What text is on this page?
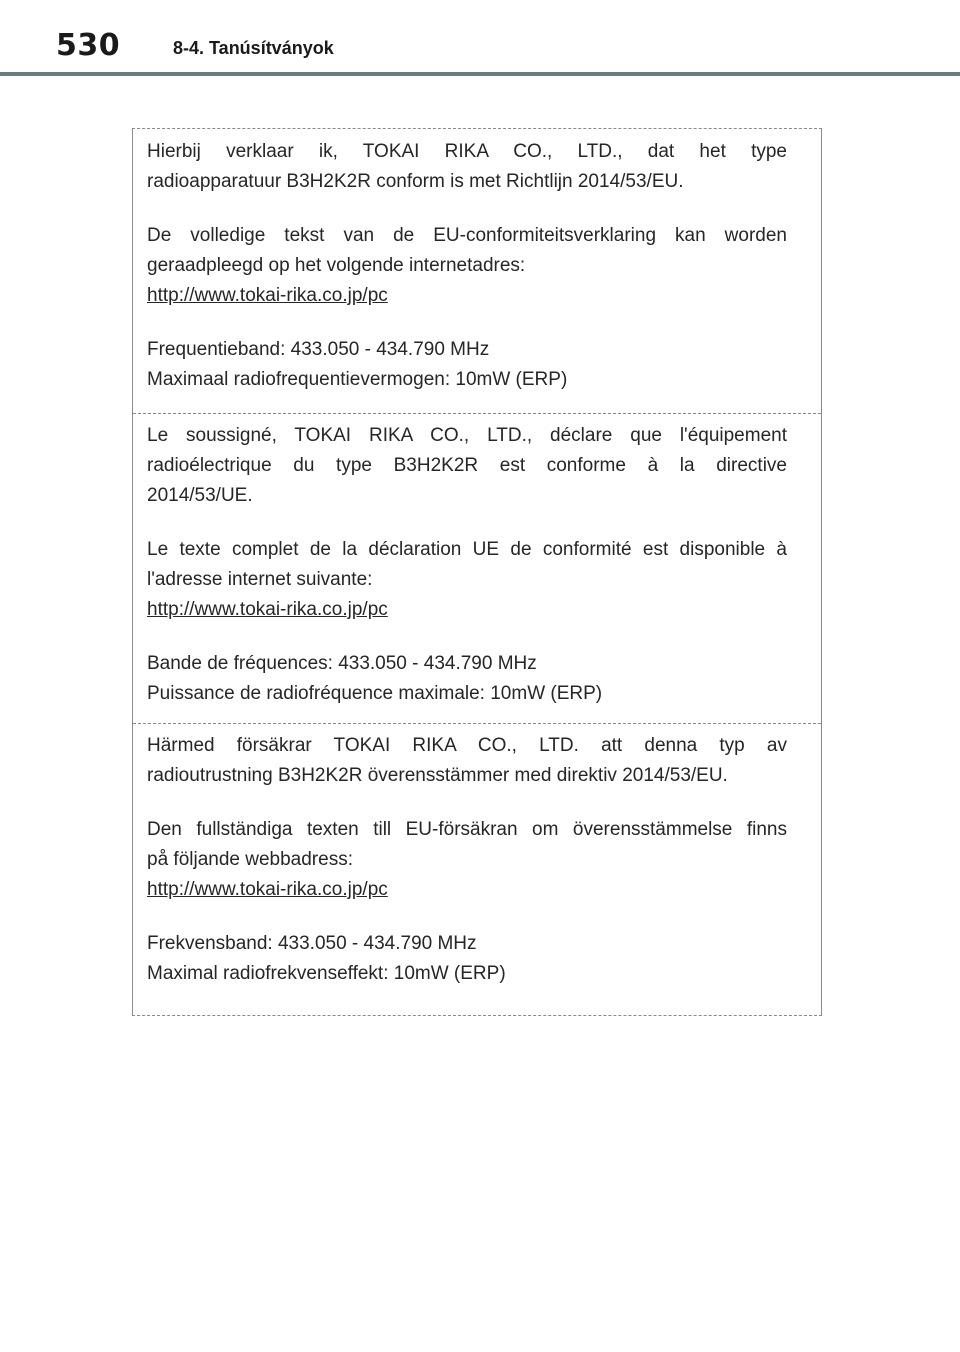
530	8-4. Tanúsítványok

Hierbij verklaar ik, TOKAI RIKA CO., LTD., dat het type

radioapparatuur B3H2K2R conform is met Richtlijn 2014/53/EU.

De volledige tekst van de EU-conformiteitsverklaring kan worden

geraadpleegd op het volgende internetadres:

http://www.tokai-rika.co.jp/pc

Frequentieband: 433.050 - 434.790 MHz

Maximaal radiofrequentievermogen: 10mW (ERP)

Le soussigné, TOKAI RIKA CO., LTD., déclare que l'équipement

radioélectrique du type B3H2K2R est conforme à la directive

2014/53/UE.

Le texte complet de la déclaration UE de conformité est disponible à

l'adresse internet suivante:

http://www.tokai-rika.co.jp/pc

Bande de fréquences: 433.050 - 434.790 MHz

Puissance de radiofréquence maximale: 10mW (ERP)

Härmed försäkrar TOKAI RIKA CO., LTD. att denna typ av

radioutrustning B3H2K2R överensstämmer med direktiv 2014/53/EU.

Den fullständiga texten till EU-försäkran om överensstämmelse finns

på följande webbadress:

http://www.tokai-rika.co.jp/pc

Frekvensband: 433.050 - 434.790 MHz

Maximal radiofrekvenseffekt: 10mW (ERP)
